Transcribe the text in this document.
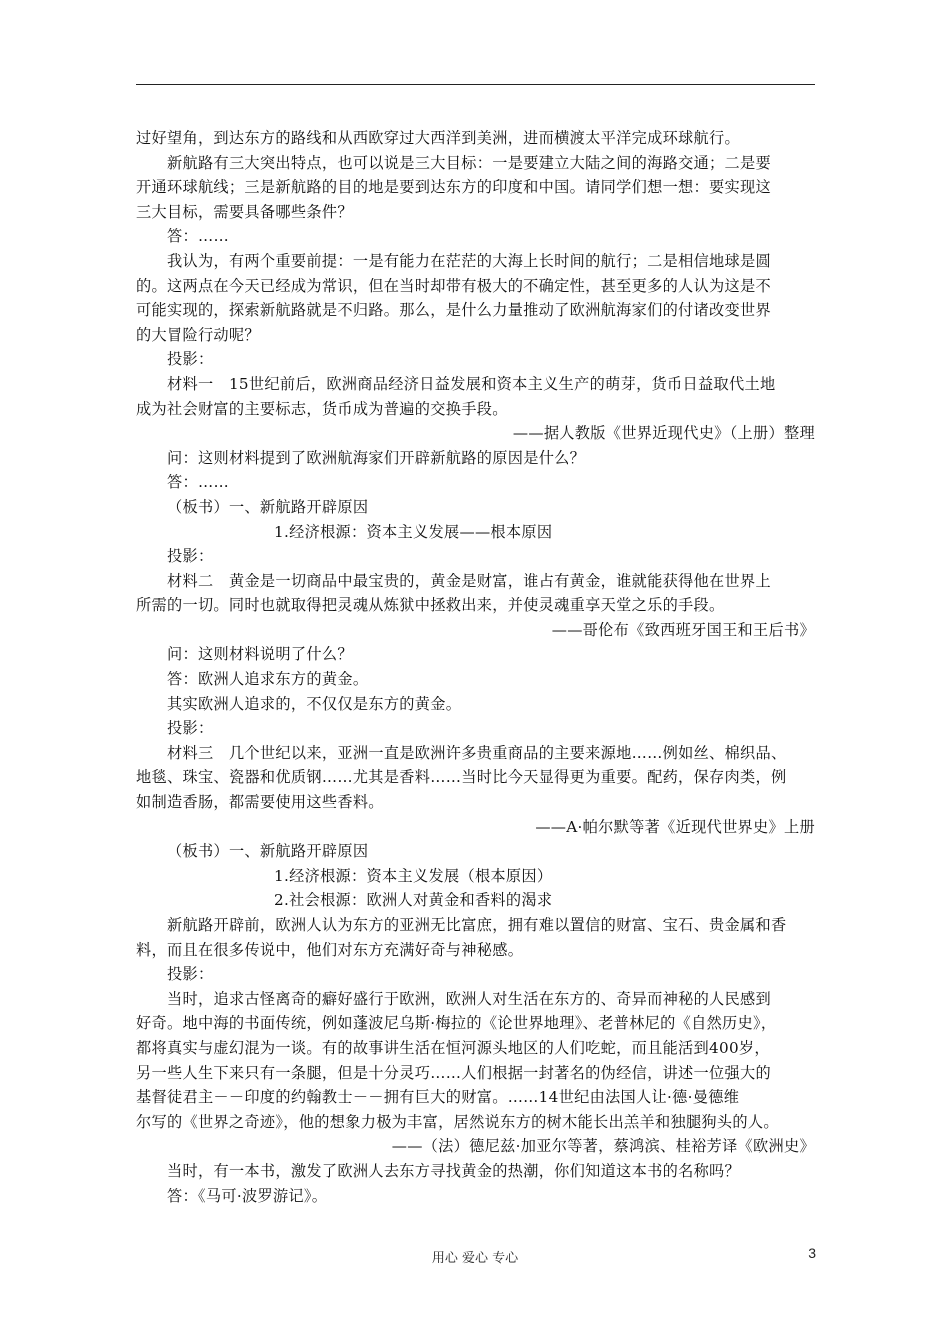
过好望角，到达东方的路线和从西欧穿过大西洋到美洲，进而横渡太平洋完成环球航行。
新航路有三大突出特点，也可以说是三大目标：一是要建立大陆之间的海路交通；二是要
开通环球航线；三是新航路的目的地是要到达东方的印度和中国。请同学们想一想：要实现这
三大目标，需要具备哪些条件？
答：……
我认为，有两个重要前提：一是有能力在茫茫的大海上长时间的航行；二是相信地球是圆
的。这两点在今天已经成为常识，但在当时却带有极大的不确定性，甚至更多的人认为这是不
可能实现的，探索新航路就是不归路。那么，是什么力量推动了欧洲航海家们的付诸改变世界
的大冒险行动呢？
投影：
材料一　15世纪前后，欧洲商品经济日益发展和资本主义生产的萌芽，货币日益取代土地
成为社会财富的主要标志，货币成为普遍的交换手段。
——据人教版《世界近现代史》（上册）整理
问：这则材料提到了欧洲航海家们开辟新航路的原因是什么？
答：……
（板书）一、新航路开辟原因
1.经济根源：资本主义发展——根本原因
投影：
材料二　黄金是一切商品中最宝贵的，黄金是财富，谁占有黄金，谁就能获得他在世界上
所需的一切。同时也就取得把灵魂从炼狱中拯救出来，并使灵魂重享天堂之乐的手段。
——哥伦布《致西班牙国王和王后书》
问：这则材料说明了什么？
答：欧洲人追求东方的黄金。
其实欧洲人追求的，不仅仅是东方的黄金。
投影：
材料三　几个世纪以来，亚洲一直是欧洲许多贵重商品的主要来源地……例如丝、棉织品、
地毯、珠宝、瓷器和优质钢……尤其是香料……当时比今天显得更为重要。配药，保存肉类，例
如制造香肠，都需要使用这些香料。
——A·帕尔默等著《近现代世界史》上册
（板书）一、新航路开辟原因
1.经济根源：资本主义发展（根本原因）
2.社会根源：欧洲人对黄金和香料的渴求
新航路开辟前，欧洲人认为东方的亚洲无比富庶，拥有难以置信的财富、宝石、贵金属和香
料，而且在很多传说中，他们对东方充满好奇与神秘感。
投影：
当时，追求古怪离奇的癖好盛行于欧洲，欧洲人对生活在东方的、奇异而神秘的人民感到
好奇。地中海的书面传统，例如蓬波尼乌斯·梅拉的《论世界地理》、老普林尼的《自然历史》，
都将真实与虚幻混为一谈。有的故事讲生活在恒河源头地区的人们吃蛇，而且能活到400岁，
另一些人生下来只有一条腿，但是十分灵巧……人们根据一封著名的伪经信，讲述一位强大的
基督徒君主－－印度的约翰教士－－拥有巨大的财富。……14世纪由法国人让·德·曼德维
尔写的《世界之奇迹》，他的想象力极为丰富，居然说东方的树木能长出羔羊和独腿狗头的人。
——（法）德尼兹·加亚尔等著，蔡鸿滨、桂裕芳译《欧洲史》
当时，有一本书，激发了欧洲人去东方寻找黄金的热潮，你们知道这本书的名称吗？
答：《马可·波罗游记》。
用心 爱心 专心	3
